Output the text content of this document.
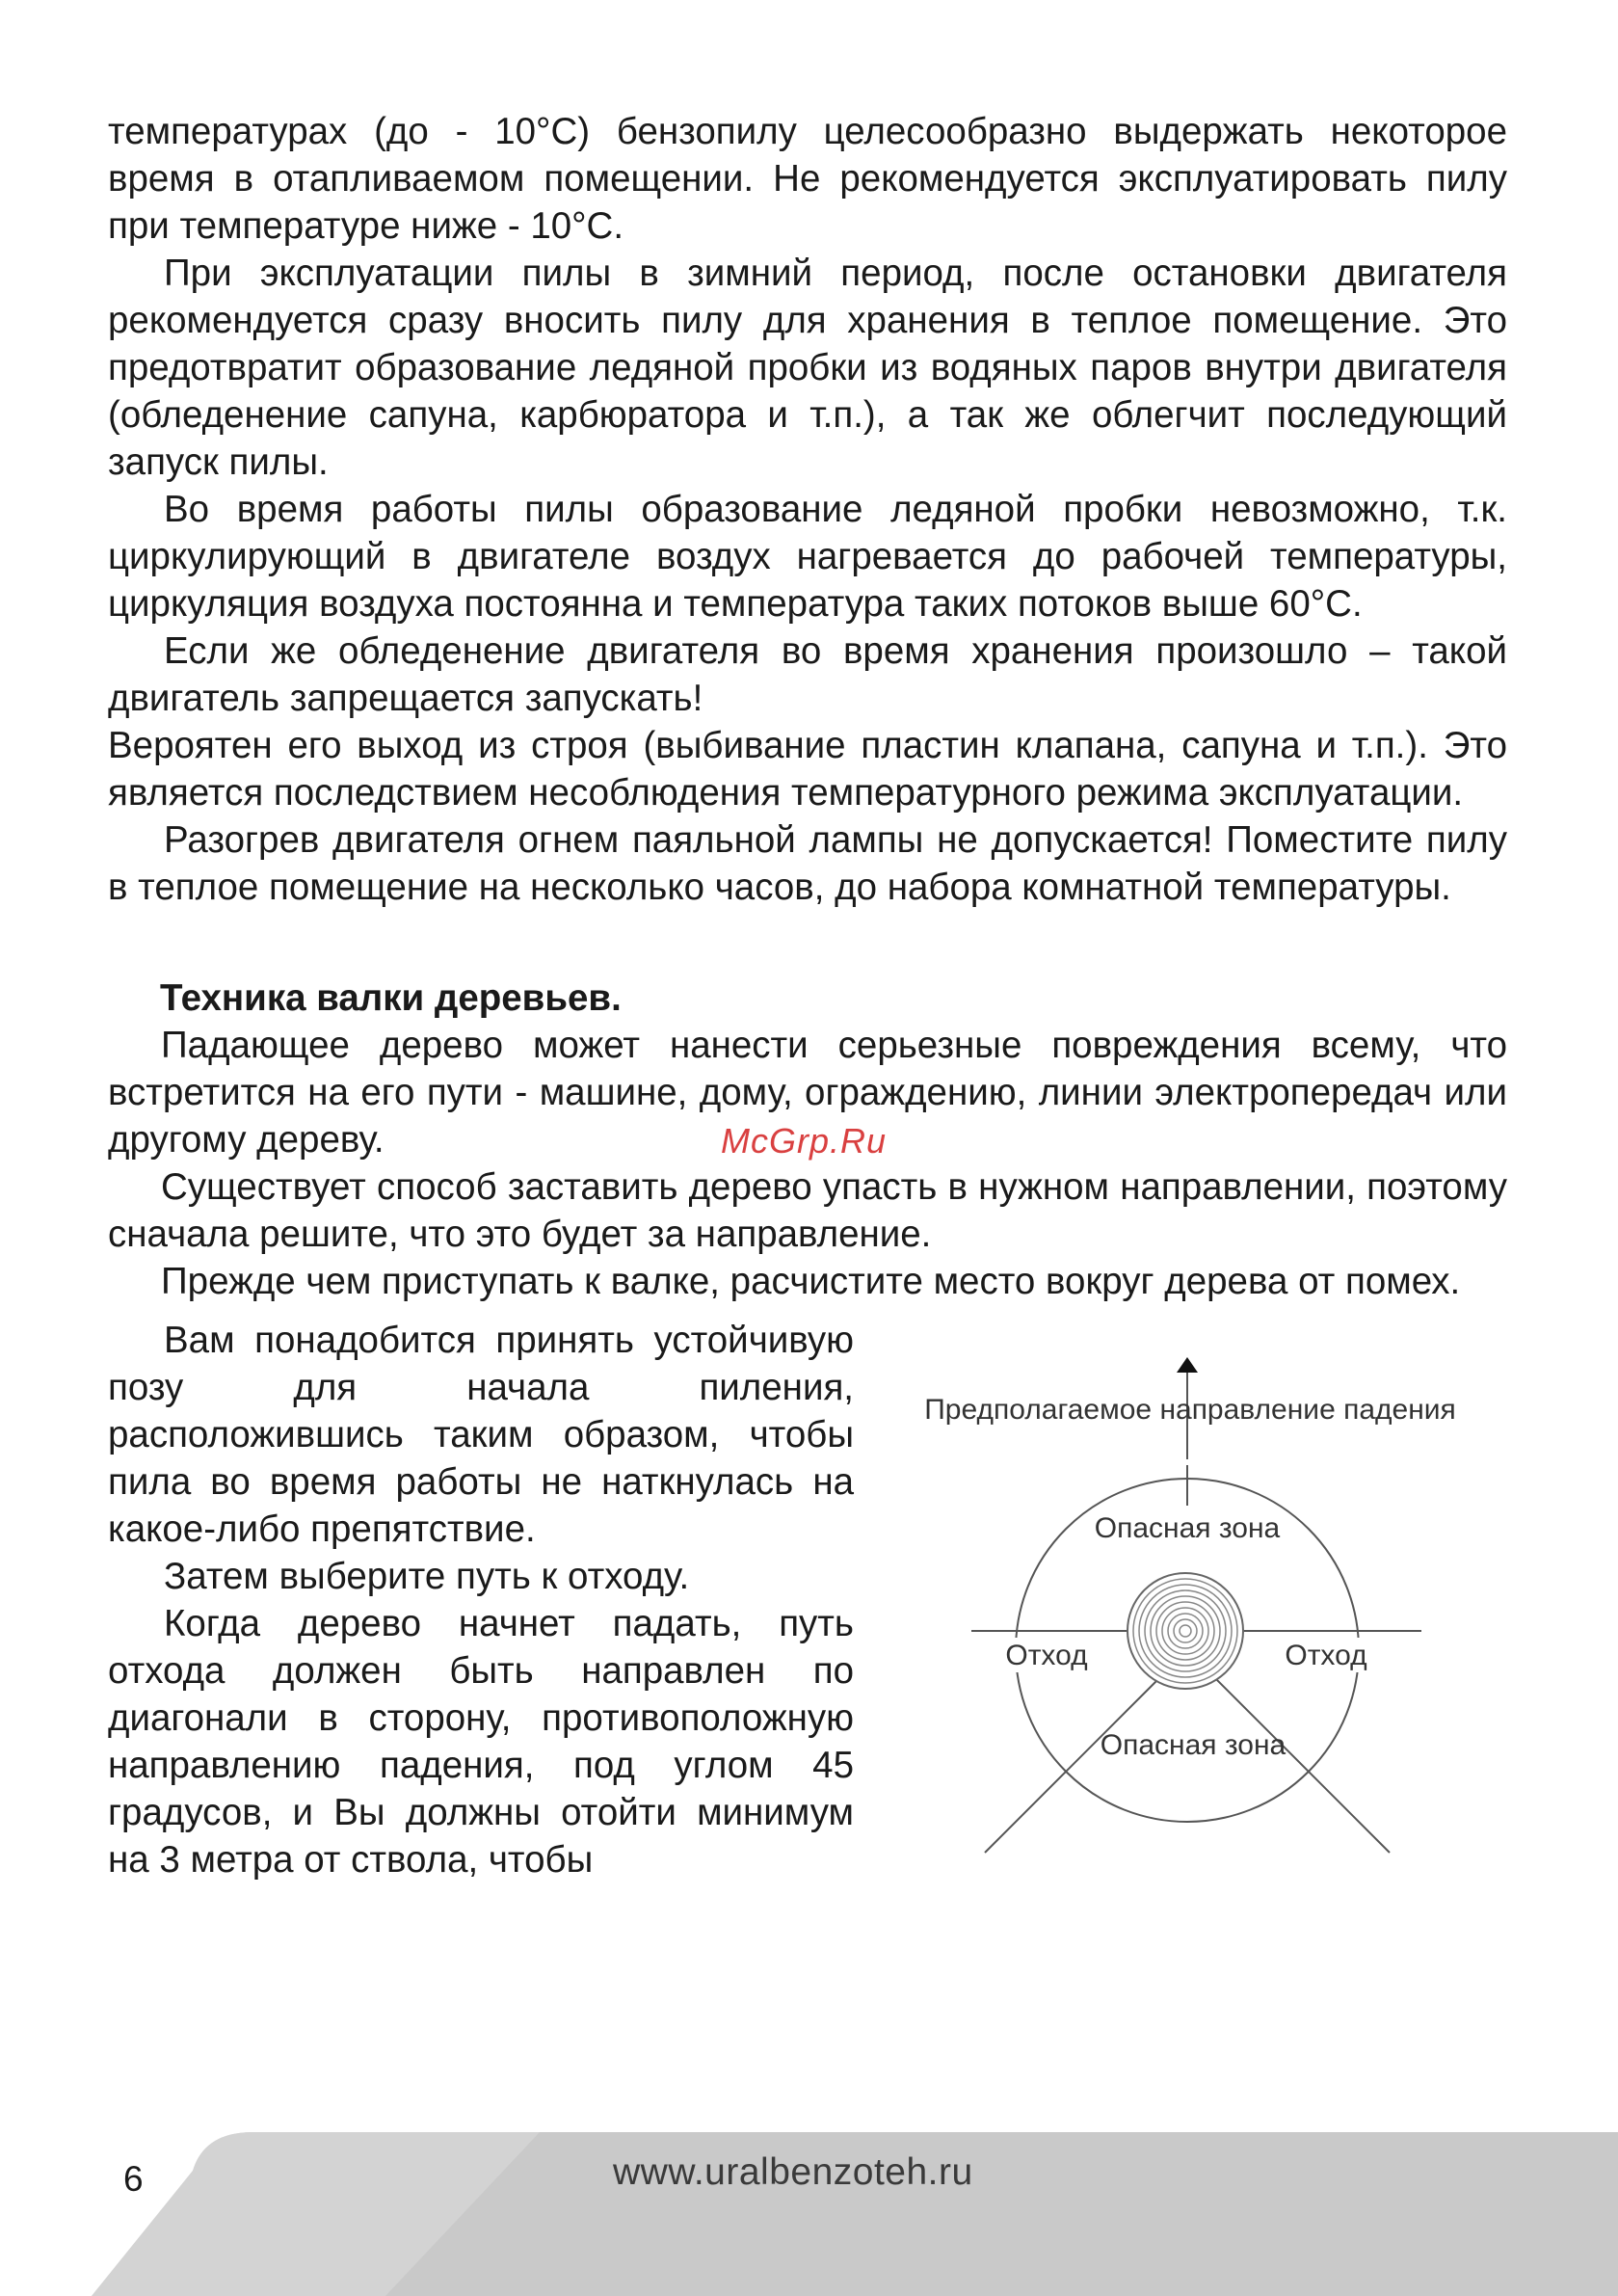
температурах (до - 10°C) бензопилу целесообразно выдержать некоторое время в отапливаемом помещении. Не рекомендуется эксплуатировать пилу при температуре ниже - 10°C.

При эксплуатации пилы в зимний период, после остановки двигателя рекомендуется сразу вносить пилу для хранения в теплое помещение. Это предотвратит образование ледяной пробки из водяных паров внутри двигателя (обледенение сапуна, карбюратора и т.п.), а так же облегчит последующий запуск пилы.

Во время работы пилы образование ледяной пробки невозможно, т.к. циркулирующий в двигателе воздух нагревается до рабочей температуры, циркуляция воздуха постоянна и температура таких потоков выше 60°C.

Если же обледенение двигателя во время хранения произошло – такой двигатель запрещается запускать!

Вероятен его выход из строя (выбивание пластин клапана, сапуна и т.п.). Это является последствием несоблюдения температурного режима эксплуатации.

Разогрев двигателя огнем паяльной лампы не допускается! Поместите пилу в теплое помещение на несколько часов, до набора комнатной температуры.

Техника валки деревьев.

Падающее дерево может нанести серьезные повреждения всему, что встретится на его пути - машине, дому, ограждению, линии электропередач или другому дереву.

Существует способ заставить дерево упасть в нужном направлении, поэтому сначала решите, что это будет за направление.

Прежде чем приступать к валке, расчистите место вокруг дерева от помех.

Вам понадобится принять устойчивую позу для начала пиления, расположившись таким образом, чтобы пила во время работы не наткнулась на какое-либо препятствие.

Затем выберите путь к отходу.

Когда дерево начнет падать, путь отхода должен быть направлен по диагонали в сторону, противоположную направлению падения, под углом 45 градусов, и Вы должны отойти минимум на 3 метра от ствола, чтобы

Предполагаемое направление падения
Опасная зона
Отход	Отход
Опасная зона
McGrp.Ru
6	www.uralbenzoteh.ru
